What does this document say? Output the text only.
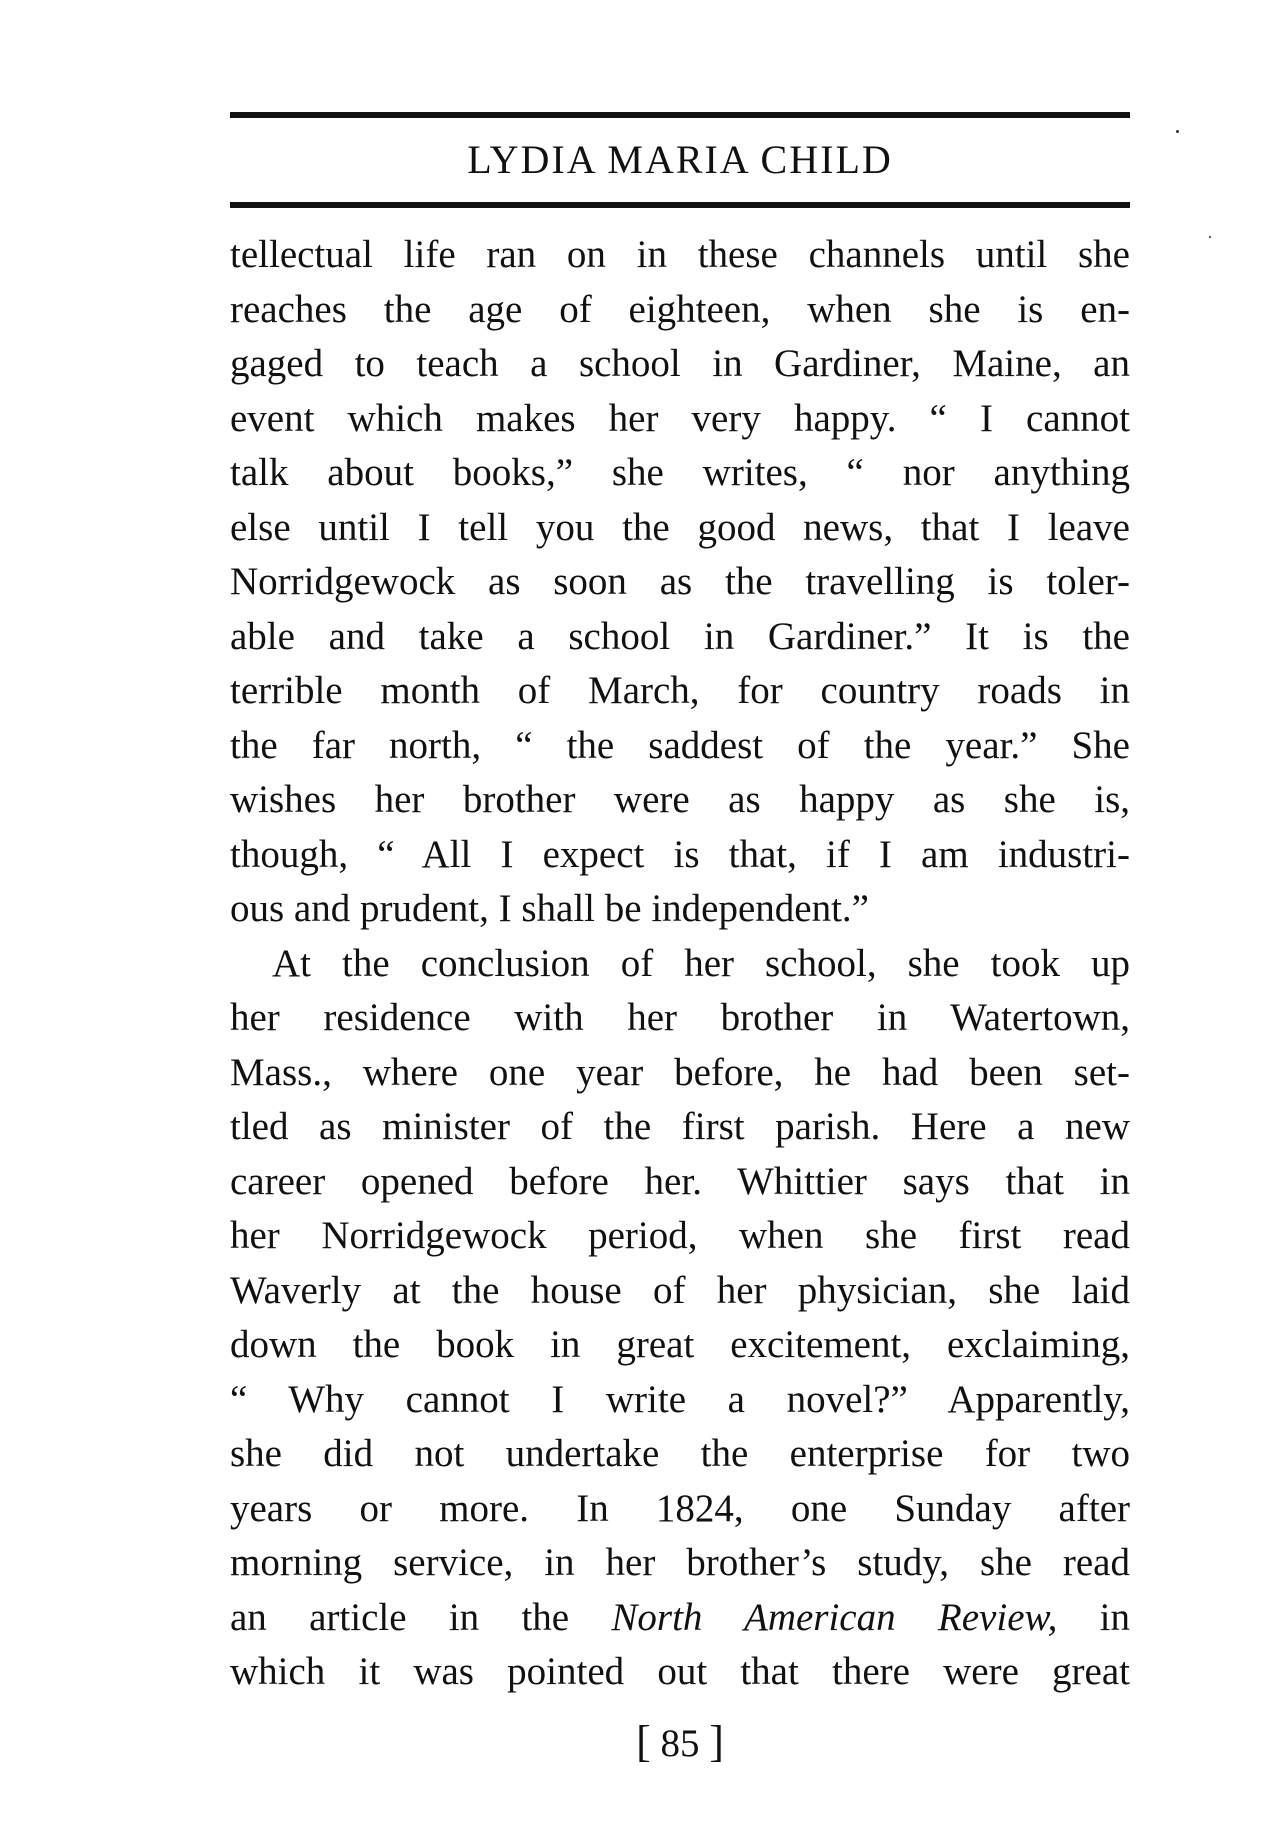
LYDIA MARIA CHILD
tellectual life ran on in these channels until she
reaches the age of eighteen, when she is en-
gaged to teach a school in Gardiner, Maine, an
event which makes her very happy. “ I cannot
talk about books,” she writes, “ nor anything
else until I tell you the good news, that I leave
Norridgewock as soon as the travelling is toler-
able and take a school in Gardiner.” It is the
terrible month of March, for country roads in
the far north, “ the saddest of the year.” She
wishes her brother were as happy as she is,
though, “ All I expect is that, if I am industri-
ous and prudent, I shall be independent.”
At the conclusion of her school, she took up
her residence with her brother in Watertown,
Mass., where one year before, he had been set-
tled as minister of the first parish. Here a new
career opened before her. Whittier says that in
her Norridgewock period, when she first read
Waverly at the house of her physician, she laid
down the book in great excitement, exclaiming,
“ Why cannot I write a novel?” Apparently,
she did not undertake the enterprise for two
years or more. In 1824, one Sunday after
morning service, in her brother’s study, she read
an article in the North American Review, in
which it was pointed out that there were great
[ 85 ]
